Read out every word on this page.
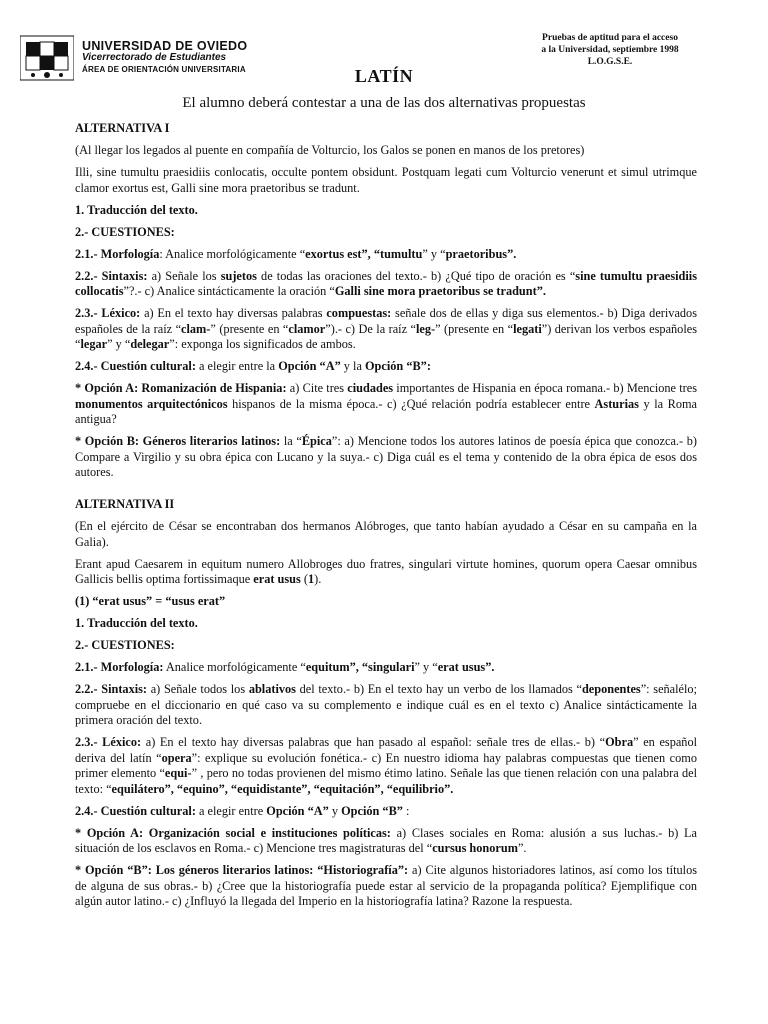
UNIVERSIDAD DE OVIEDO
Vicerrectorado de Estudiantes
ÁREA DE ORIENTACIÓN UNIVERSITARIA
Pruebas de aptitud para el acceso
a la Universidad, septiembre 1998
L.O.G.S.E.
LATÍN
El alumno deberá contestar a una de las dos alternativas propuestas

ALTERNATIVA I

(Al llegar los legados al puente en compañía de Volturcio, los Galos se ponen en manos de los pretores)

Illi, sine tumultu praesidiis conlocatis, occulte pontem obsidunt. Postquam legati cum Volturcio venerunt et simul utrimque clamor exortus est, Galli sine mora praetoribus se tradunt.

1. Traducción del texto.

2.- CUESTIONES:

2.1.- Morfología: Analice morfológicamente “exortus est”, “tumultu” y “praetoribus”.

2.2.- Sintaxis: a) Señale los sujetos de todas las oraciones del texto.- b) ¿Qué tipo de oración es “sine tumultu praesidiis collocatis”?.- c) Analice sintácticamente la oración “Galli sine mora praetoribus se tradunt”.

2.3.- Léxico: a) En el texto hay diversas palabras compuestas: señale dos de ellas y diga sus elementos.- b) Diga derivados españoles de la raíz “clam-” (presente en “clamor”).- c) De la raíz “leg-” (presente en “legati”) derivan los verbos españoles “legar” y “delegar”: exponga los significados de ambos.

2.4.- Cuestión cultural: a elegir entre la Opción “A” y la Opción “B”:

* Opción A: Romanización de Hispania: a) Cite tres ciudades importantes de Hispania en época romana.- b) Mencione tres monumentos arquitectónicos hispanos de la misma época.- c) ¿Qué relación podría establecer entre Asturias y la Roma antigua?

* Opción B: Géneros literarios latinos: la “Épica”: a) Mencione todos los autores latinos de poesía épica que conozca.- b) Compare a Virgilio y su obra épica con Lucano y la suya.- c) Diga cuál es el tema y contenido de la obra épica de esos dos autores.

ALTERNATIVA II

(En el ejército de César se encontraban dos hermanos Alóbroges, que tanto habían ayudado a César en su campaña en la Galia).

Erant apud Caesarem in equitum numero Allobroges duo fratres, singulari virtute homines, quorum opera Caesar omnibus Gallicis bellis optima fortissimaque erat usus (1).

(1) “erat usus” = “usus erat”

1. Traducción del texto.

2.- CUESTIONES:

2.1.- Morfología: Analice morfológicamente “equitum”, “singulari” y “erat usus”.

2.2.- Sintaxis: a) Señale todos los ablativos del texto.- b) En el texto hay un verbo de los llamados “deponentes”: señalélo; compruebe en el diccionario en qué caso va su complemento e indique cuál es en el texto c) Analice sintácticamente la primera oración del texto.

2.3.- Léxico: a) En el texto hay diversas palabras que han pasado al español: señale tres de ellas.- b) “Obra” en español deriva del latín “opera”: explique su evolución fonética.- c) En nuestro idioma hay palabras compuestas que tienen como primer elemento “equi-” , pero no todas provienen del mismo étimo latino. Señale las que tienen relación con una palabra del texto: “equilátero”, “equino”, “equidistante”, “equitación”, “equilibrio”.

2.4.- Cuestión cultural: a elegir entre Opción “A” y Opción “B” :

* Opción A: Organización social e instituciones políticas: a) Clases sociales en Roma: alusión a sus luchas.- b) La situación de los esclavos en Roma.- c) Mencione tres magistraturas del “cursus honorum”.

* Opción “B”: Los géneros literarios latinos: “Historiografía”: a) Cite algunos historiadores latinos, así como los títulos de alguna de sus obras.- b) ¿Cree que la historiografía puede estar al servicio de la propaganda política? Ejemplifique con algún autor latino.- c) ¿Influyó la llegada del Imperio en la historiografía latina? Razone la respuesta.
